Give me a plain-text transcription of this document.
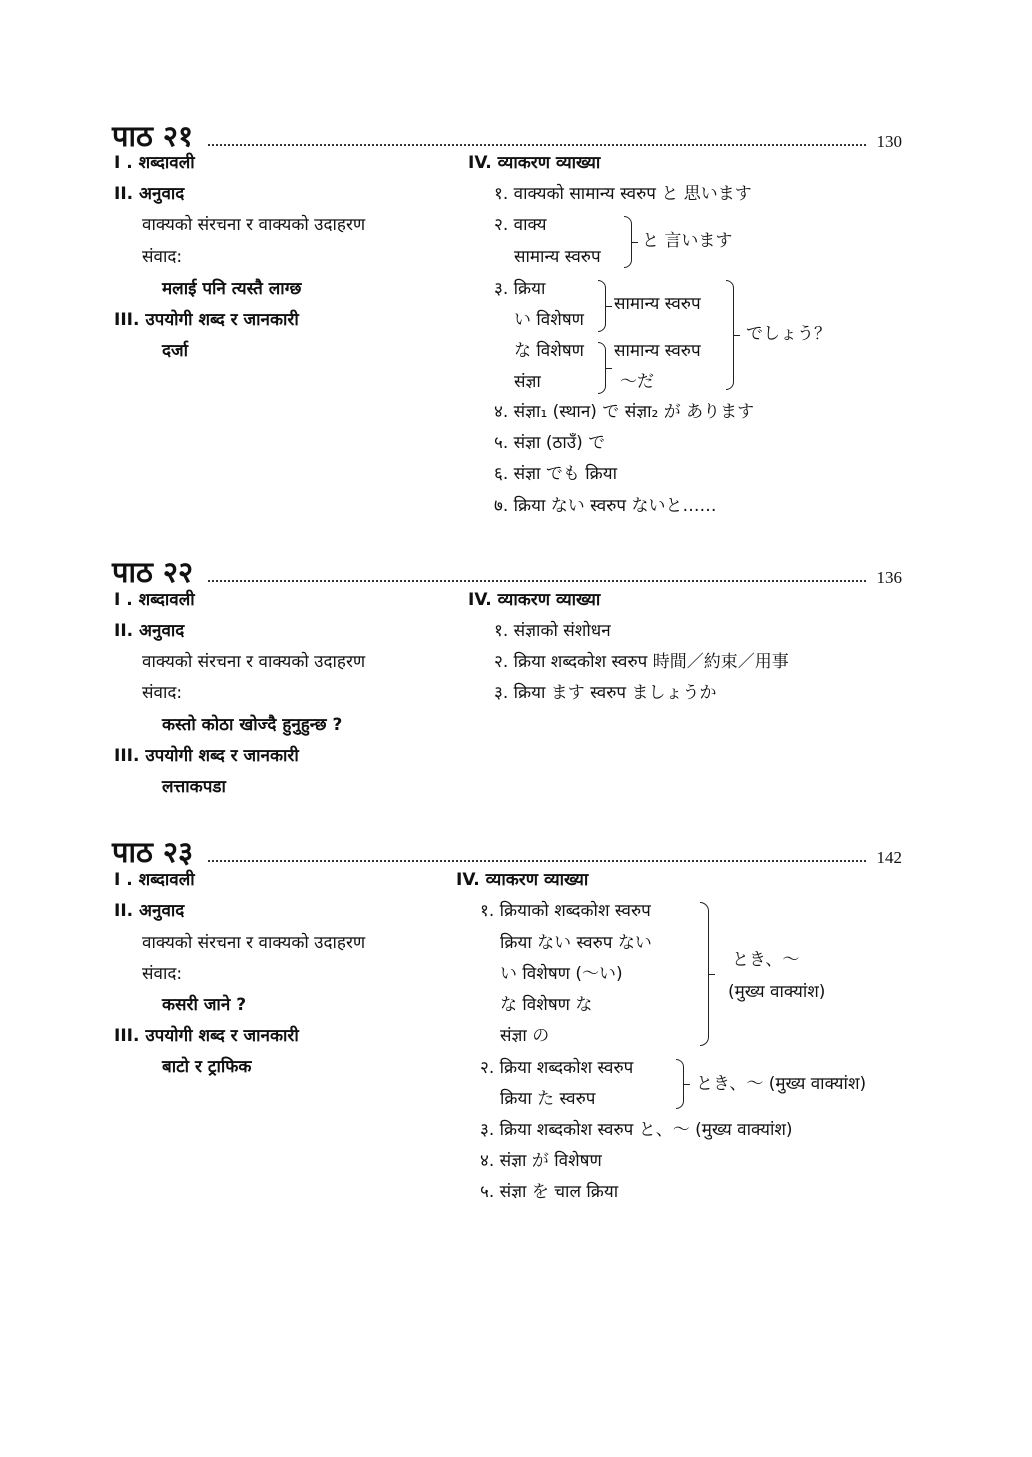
पाठ २१	130
I . शब्दावली
II. अनुवाद
वाक्यको संरचना र वाक्यको उदाहरण
संवाद:
मलाई पनि त्यस्तै लाग्छ
III. उपयोगी शब्द र जानकारी
दर्जा
IV. व्याकरण व्याख्या
१. वाक्यको सामान्य स्वरुप と 思います
२. वाक्य
सामान्य स्वरुप
と 言います
३. क्रिया
い विशेषण
सामान्य स्वरुप
な विशेषण
संज्ञा
सामान्य स्वरुप
～だ
でしょう？
४. संज्ञा₁ (स्थान) で संज्ञा₂ が あります
५. संज्ञा (ठाउँ) で
६. संज्ञा でも क्रिया
७. क्रिया ない स्वरुप ないと……
पाठ २२	136
I . शब्दावली
II. अनुवाद
वाक्यको संरचना र वाक्यको उदाहरण
संवाद:
कस्तो कोठा खोज्दै हुनुहुन्छ ?
III. उपयोगी शब्द र जानकारी
लत्ताकपडा
IV. व्याकरण व्याख्या
१. संज्ञाको संशोधन
२. क्रिया शब्दकोश स्वरुप 時間／約束／用事
३. क्रिया ます स्वरुप ましょうか
पाठ २३	142
I . शब्दावली
II. अनुवाद
वाक्यको संरचना र वाक्यको उदाहरण
संवाद:
कसरी जाने ?
III. उपयोगी शब्द र जानकारी
बाटो र ट्राफिक
IV. व्याकरण व्याख्या
१. क्रियाको शब्दकोश स्वरुप
क्रिया ない स्वरुप ない
い विशेषण (～い)
な विशेषण な
संज्ञा の
とき、～
(मुख्य वाक्यांश)
२. क्रिया शब्दकोश स्वरुप
क्रिया た स्वरुप
とき、～ (मुख्य वाक्यांश)
३. क्रिया शब्दकोश स्वरुप と、～ (मुख्य वाक्यांश)
४. संज्ञा が विशेषण
५. संज्ञा を चाल क्रिया
